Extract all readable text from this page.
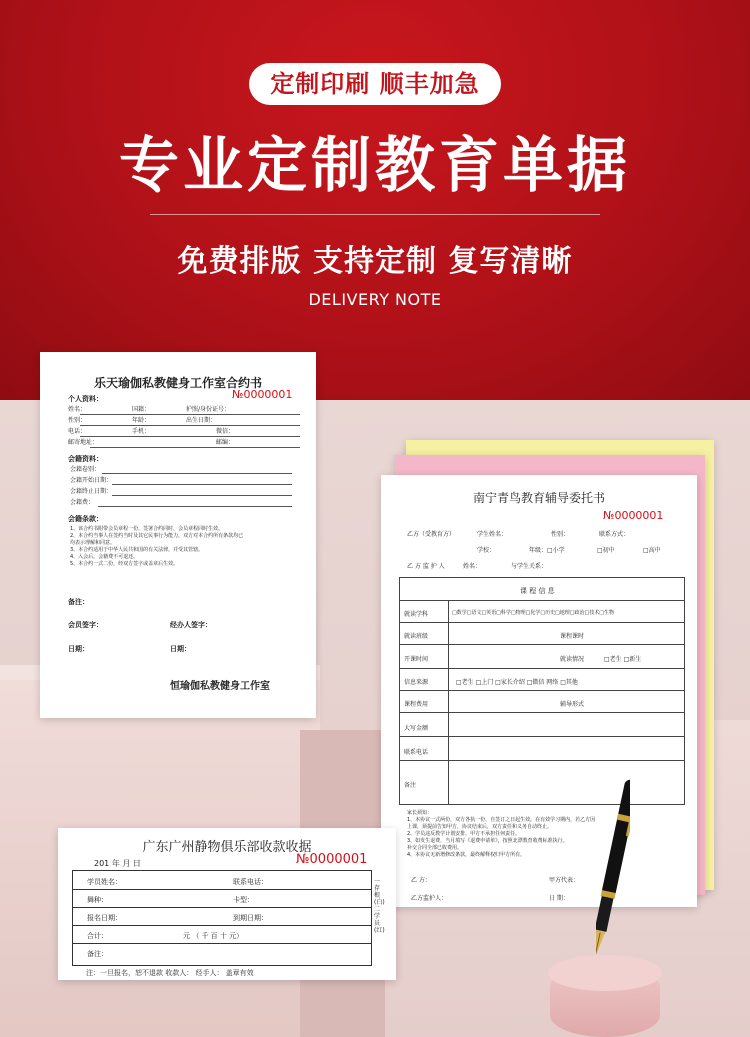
定制印刷 顺丰加急
专业定制教育单据
免费排版 支持定制 复写清晰
DELIVERY NOTE
乐天瑜伽私教健身工作室合约书
№0000001
个人资料：
姓名：	国籍：	护照/身份证号：
性别：	年龄：	出生日期：
电话：	手机：	微信：
邮寄地址：	邮编：
会籍资料：
会籍卷别：
会籍开始日期：
会籍终止日期：
会籍费：
会籍条款：
1、该合约书附带会员章程一份，签署合约同时，会员章程同时生效。
2、本合约当事人在签约当时及其它民事行为能力，双方对本合约所有条款均已
均表示理解和同意。
3、本合约适用于中华人民共和国的有关法律，并受其管辖。
4、入会后，会籍费不可退还。
5、本合约一式二份，经双方签字或盖章后生效。
备注：
会员签字：	经办人签字：
日期：	日期：
恒瑜伽私教健身工作室
南宁青鸟教育辅导委托书
№0000001
乙方（受教育方）	学生姓名：	性别：	联系方式：
学校：	年级： □小学	□初中	□高中
乙 方 监 护 人	姓名：	与学生关系：
课 程 信 息
就读学科	□数学□语文□英语□科学□物理□化学□历史□地理□政治□技术□生物
就读班级	课程课时
开课时间	就读情况	□老生 □新生
信息来源	□老生 □上门 □家长介绍 □微信 网络 □其他
课程费用	辅导形式
大写金额
联系电话
备注
家长须知：
1、本协议一式两份，双方各执一份，自签订之日起生效。在有效学习期内，若乙方因
上课，须提前告知甲方，协议结束后，双方责任和义务自动终止。
2、学员违反教学计划安排，甲方不承担任何责任。
3、如发生退费，当月填写《退费申请单》，按照北漂教育收费标准执行。
补交合同全部已收费用。
4、本协议无新增修改条款，最终解释权归甲方所有。
乙 方：	甲方代表：
乙方监护人：	日 期：
广东广州静物俱乐部收款收据
№0000001
201 年 月 日
学员姓名：	联系电话：
舞种：	卡型：
报名日期：	到期日期：
合计：	元 （ 千 百 十 元）
备注：
一存根(白) 二学员(红)
注：一旦报名，恕不退款 收款人： 经手人： 盖章有效
